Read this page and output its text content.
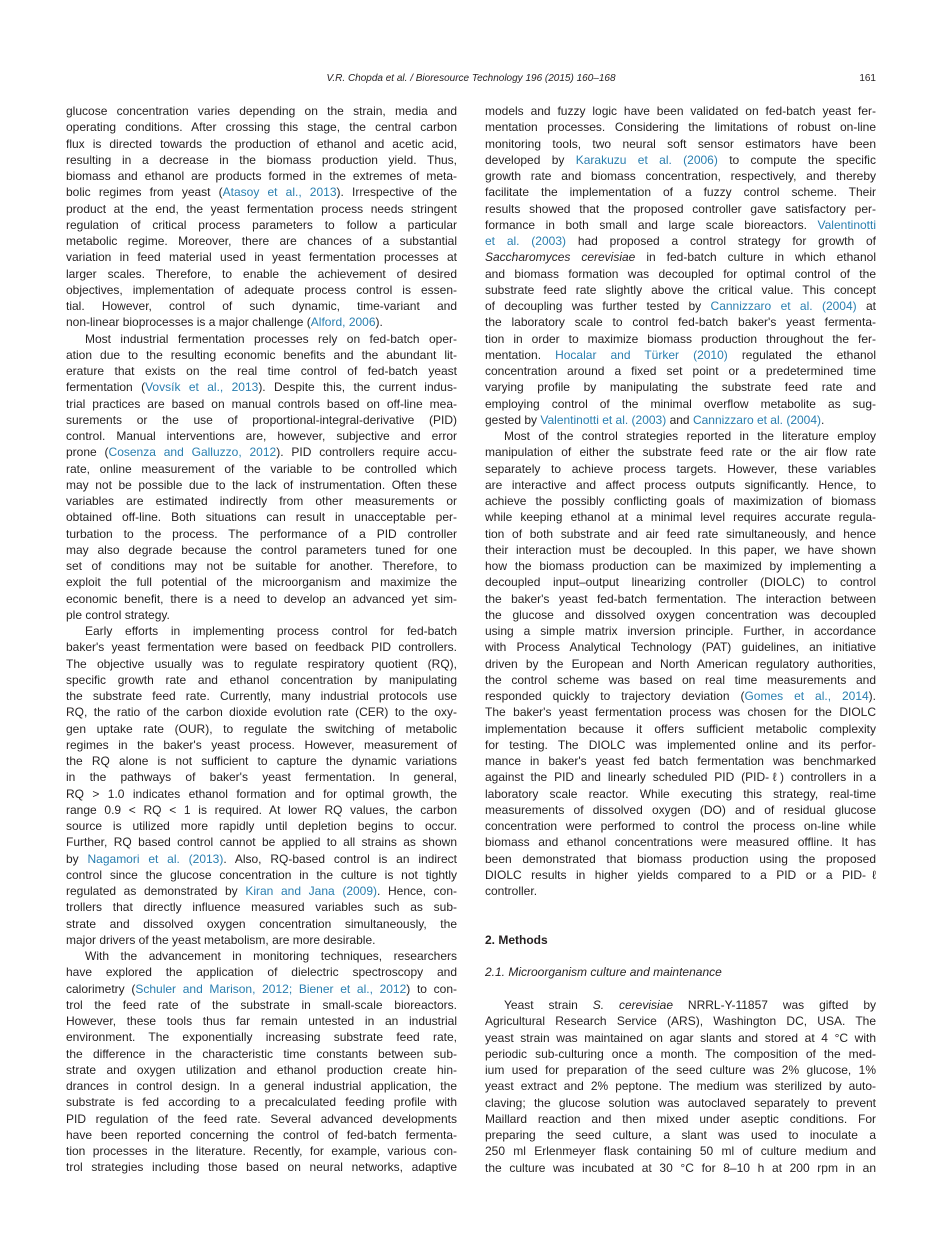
V.R. Chopda et al. / Bioresource Technology 196 (2015) 160–168	161
glucose concentration varies depending on the strain, media and
operating conditions. After crossing this stage, the central carbon
flux is directed towards the production of ethanol and acetic acid,
resulting in a decrease in the biomass production yield. Thus,
biomass and ethanol are products formed in the extremes of meta-
bolic regimes from yeast (Atasoy et al., 2013). Irrespective of the
product at the end, the yeast fermentation process needs stringent
regulation of critical process parameters to follow a particular
metabolic regime. Moreover, there are chances of a substantial
variation in feed material used in yeast fermentation processes at
larger scales. Therefore, to enable the achievement of desired
objectives, implementation of adequate process control is essen-
tial. However, control of such dynamic, time-variant and
non-linear bioprocesses is a major challenge (Alford, 2006).
Most industrial fermentation processes rely on fed-batch oper-
ation due to the resulting economic benefits and the abundant lit-
erature that exists on the real time control of fed-batch yeast
fermentation (Vovsík et al., 2013). Despite this, the current indus-
trial practices are based on manual controls based on off-line mea-
surements or the use of proportional-integral-derivative (PID)
control. Manual interventions are, however, subjective and error
prone (Cosenza and Galluzzo, 2012). PID controllers require accu-
rate, online measurement of the variable to be controlled which
may not be possible due to the lack of instrumentation. Often these
variables are estimated indirectly from other measurements or
obtained off-line. Both situations can result in unacceptable per-
turbation to the process. The performance of a PID controller
may also degrade because the control parameters tuned for one
set of conditions may not be suitable for another. Therefore, to
exploit the full potential of the microorganism and maximize the
economic benefit, there is a need to develop an advanced yet sim-
ple control strategy.
Early efforts in implementing process control for fed-batch
baker's yeast fermentation were based on feedback PID controllers.
The objective usually was to regulate respiratory quotient (RQ),
specific growth rate and ethanol concentration by manipulating
the substrate feed rate. Currently, many industrial protocols use
RQ, the ratio of the carbon dioxide evolution rate (CER) to the oxy-
gen uptake rate (OUR), to regulate the switching of metabolic
regimes in the baker's yeast process. However, measurement of
the RQ alone is not sufficient to capture the dynamic variations
in the pathways of baker's yeast fermentation. In general,
RQ > 1.0 indicates ethanol formation and for optimal growth, the
range 0.9 < RQ < 1 is required. At lower RQ values, the carbon
source is utilized more rapidly until depletion begins to occur.
Further, RQ based control cannot be applied to all strains as shown
by Nagamori et al. (2013). Also, RQ-based control is an indirect
control since the glucose concentration in the culture is not tightly
regulated as demonstrated by Kiran and Jana (2009). Hence, con-
trollers that directly influence measured variables such as sub-
strate and dissolved oxygen concentration simultaneously, the
major drivers of the yeast metabolism, are more desirable.
With the advancement in monitoring techniques, researchers
have explored the application of dielectric spectroscopy and
calorimetry (Schuler and Marison, 2012; Biener et al., 2012) to con-
trol the feed rate of the substrate in small-scale bioreactors.
However, these tools thus far remain untested in an industrial
environment. The exponentially increasing substrate feed rate,
the difference in the characteristic time constants between sub-
strate and oxygen utilization and ethanol production create hin-
drances in control design. In a general industrial application, the
substrate is fed according to a precalculated feeding profile with
PID regulation of the feed rate. Several advanced developments
have been reported concerning the control of fed-batch fermenta-
tion processes in the literature. Recently, for example, various con-
trol strategies including those based on neural networks, adaptive
models and fuzzy logic have been validated on fed-batch yeast fer-
mentation processes. Considering the limitations of robust on-line
monitoring tools, two neural soft sensor estimators have been
developed by Karakuzu et al. (2006) to compute the specific
growth rate and biomass concentration, respectively, and thereby
facilitate the implementation of a fuzzy control scheme. Their
results showed that the proposed controller gave satisfactory per-
formance in both small and large scale bioreactors. Valentinotti
et al. (2003) had proposed a control strategy for growth of
Saccharomyces cerevisiae in fed-batch culture in which ethanol
and biomass formation was decoupled for optimal control of the
substrate feed rate slightly above the critical value. This concept
of decoupling was further tested by Cannizzaro et al. (2004) at
the laboratory scale to control fed-batch baker's yeast fermenta-
tion in order to maximize biomass production throughout the fer-
mentation. Hocalar and Türker (2010) regulated the ethanol
concentration around a fixed set point or a predetermined time
varying profile by manipulating the substrate feed rate and
employing control of the minimal overflow metabolite as sug-
gested by Valentinotti et al. (2003) and Cannizzaro et al. (2004).
Most of the control strategies reported in the literature employ
manipulation of either the substrate feed rate or the air flow rate
separately to achieve process targets. However, these variables
are interactive and affect process outputs significantly. Hence, to
achieve the possibly conflicting goals of maximization of biomass
while keeping ethanol at a minimal level requires accurate regula-
tion of both substrate and air feed rate simultaneously, and hence
their interaction must be decoupled. In this paper, we have shown
how the biomass production can be maximized by implementing a
decoupled input–output linearizing controller (DIOLC) to control
the baker's yeast fed-batch fermentation. The interaction between
the glucose and dissolved oxygen concentration was decoupled
using a simple matrix inversion principle. Further, in accordance
with Process Analytical Technology (PAT) guidelines, an initiative
driven by the European and North American regulatory authorities,
the control scheme was based on real time measurements and
responded quickly to trajectory deviation (Gomes et al., 2014).
The baker's yeast fermentation process was chosen for the DIOLC
implementation because it offers sufficient metabolic complexity
for testing. The DIOLC was implemented online and its perfor-
mance in baker's yeast fed batch fermentation was benchmarked
against the PID and linearly scheduled PID (PID-ℓ) controllers in a
laboratory scale reactor. While executing this strategy, real-time
measurements of dissolved oxygen (DO) and of residual glucose
concentration were performed to control the process on-line while
biomass and ethanol concentrations were measured offline. It has
been demonstrated that biomass production using the proposed
DIOLC results in higher yields compared to a PID or a PID-ℓ
controller.
2. Methods
2.1. Microorganism culture and maintenance
Yeast strain S. cerevisiae NRRL-Y-11857 was gifted by
Agricultural Research Service (ARS), Washington DC, USA. The
yeast strain was maintained on agar slants and stored at 4 °C with
periodic sub-culturing once a month. The composition of the med-
ium used for preparation of the seed culture was 2% glucose, 1%
yeast extract and 2% peptone. The medium was sterilized by auto-
claving; the glucose solution was autoclaved separately to prevent
Maillard reaction and then mixed under aseptic conditions. For
preparing the seed culture, a slant was used to inoculate a
250 ml Erlenmeyer flask containing 50 ml of culture medium and
the culture was incubated at 30 °C for 8–10 h at 200 rpm in an
